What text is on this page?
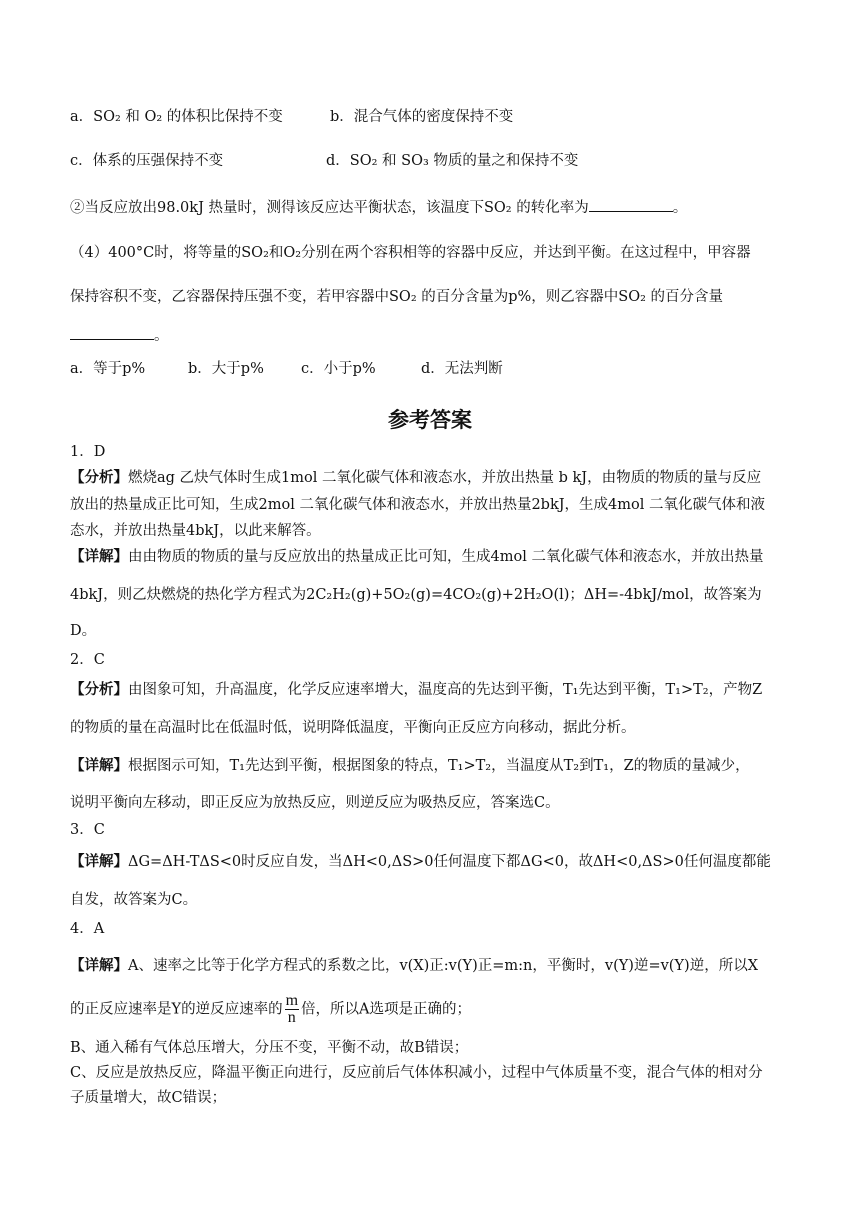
a．SO₂ 和 O₂ 的体积比保持不变	b．混合气体的密度保持不变
c．体系的压强保持不变	d．SO₂ 和 SO₃ 物质的量之和保持不变
②当反应放出98.0kJ 热量时，测得该反应达平衡状态，该温度下SO₂ 的转化率为	。
（4）400°C时，将等量的SO₂和O₂分别在两个容积相等的容器中反应，并达到平衡。在这过程中，甲容器
保持容积不变，乙容器保持压强不变，若甲容器中SO₂ 的百分含量为p%，则乙容器中SO₂ 的百分含量
。
a．等于p%	b．大于p%	c．小于p%	d．无法判断
参考答案
1．D
【分析】燃烧ag 乙炔气体时生成1mol 二氧化碳气体和液态水，并放出热量 b kJ，由物质的物质的量与反应
放出的热量成正比可知，生成2mol 二氧化碳气体和液态水，并放出热量2bkJ，生成4mol 二氧化碳气体和液
态水，并放出热量4bkJ，以此来解答。
【详解】由由物质的物质的量与反应放出的热量成正比可知，生成4mol 二氧化碳气体和液态水，并放出热量
4bkJ，则乙炔燃烧的热化学方程式为2C₂H₂(g)+5O₂(g)=4CO₂(g)+2H₂O(l)；ΔH=-4bkJ/mol，故答案为
D。
2．C
【分析】由图象可知，升高温度，化学反应速率增大，温度高的先达到平衡，T₁先达到平衡，T₁>T₂，产物Z
的物质的量在高温时比在低温时低，说明降低温度，平衡向正反应方向移动，据此分析。
【详解】根据图示可知，T₁先达到平衡，根据图象的特点，T₁>T₂，当温度从T₂到T₁，Z的物质的量减少，
说明平衡向左移动，即正反应为放热反应，则逆反应为吸热反应，答案选C。
3．C
【详解】ΔG=ΔH-TΔS<0时反应自发，当ΔH<0,ΔS>0任何温度下都ΔG<0，故ΔH<0,ΔS>0任何温度都能
自发，故答案为C。
4．A
【详解】A、速率之比等于化学方程式的系数之比，v(X)正:v(Y)正=m:n，平衡时，v(Y)逆=v(Y)逆，所以X
的正反应速率是Y的逆反应速率的 $\frac{m}{n}$ 倍，所以A选项是正确的；
B、通入稀有气体总压增大，分压不变，平衡不动，故B错误；
C、反应是放热反应，降温平衡正向进行，反应前后气体体积减小，过程中气体质量不变，混合气体的相对分
子质量增大，故C错误；
